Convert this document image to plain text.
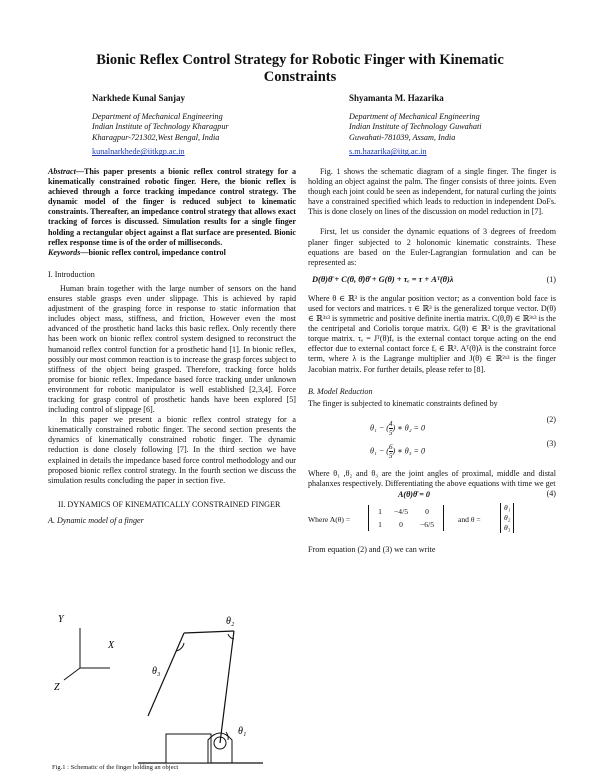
Bionic Reflex Control Strategy for Robotic Finger with Kinematic Constraints
Narkhede Kunal Sanjay
Department of Mechanical Engineering
Indian Institute of Technology Kharagpur
Kharagpur-721302,West Bengal, India
kunalnarkhede@iitkgp.ac.in
Shyamanta M. Hazarika
Department of Mechanical Engineering
Indian Institute of Technology Guwahati
Guwahati-781039, Assam, India
s.m.hazarika@iitg.ac.in

Abstract—This paper presents a bionic reflex control strategy for a kinematically constrained robotic finger. Here, the bionic reflex is achieved through a force tracking impedance control strategy. The dynamic model of the finger is reduced subject to kinematic constraints. Thereafter, an impedance control strategy that allows exact tracking of forces is discussed. Simulation results for a single finger holding a rectangular object against a flat surface are presented. Bionic reflex response time is of the order of milliseconds.

Keywords—bionic reflex control, impedance control

I. Introduction

Human brain together with the large number of sensors on the hand ensures stable grasps even under slippage. This is achieved by rapid adjustment of the grasping force in response to static information that includes object mass, stiffness, and friction, However even the most advanced of the prosthetic hand lacks this basic reflex. Only recently there has been work on bionic reflex control system designed to reconstruct the humanoid reflex control function for a prosthetic hand [1]. In bionic reflex, possibly our most common reaction is to increase the grasp forces subject to stiffness of the object being grasped. Therefore, tracking force holds promise for bionic reflex. Impedance based force tracking under unknown environment for robotic manipulator is well established [2,3,4]. Force tracking for grasp control of prosthetic hands have been explored [5] including control of slippage [6].

In this paper we present a bionic reflex control strategy for a kinematically constrained robotic finger. The second section presents the dynamics of kinematically constrained robotic finger. The dynamic reduction is done closely following [7]. In the third section we have explained in details the impedance based force control methodology and our proposed bionic reflex control strategy. In the fourth section we discuss the simulation results concluding the paper in section five.

II. DYNAMICS OF KINEMATICALLY CONSTRAINED FINGER

A. Dynamic model of a finger

Y
X
Z
θ₁
θ₂
θ₃

Fig. 1 shows the schematic diagram of a single finger. The finger is holding an object against the palm. The finger consists of three joints. Even though each joint could be seen as independent, for natural curling the joints have a constrained specified which leads to reduction in independent DoFs. This is done closely on lines of the discussion on model reduction in [7].

First, let us consider the dynamic equations of 3 degrees of freedom planer finger subjected to 2 holonomic kinematic constraints. These equations are based on the Euler-Lagrangian formulation and can be represented as:

D(θ)θ̈ + C(θ, θ̇)θ̇ + G(θ) + τₑ = τ + Aᵀ(θ)λ	(1)

Where θ ∈ ℝ³ is the angular position vector; as a convention bold face is used for vectors and matrices. τ ∈ ℝ³ is the generalized torque vector. D(θ) ∈ ℝ³ˣ³ is symmetric and positive definite inertia matrix. C(θ,θ̇) ∈ ℝ³ˣ³ is the the centripetal and Coriolis torque matrix. G(θ) ∈ ℝ³ is the gravitational torque matrix. τₑ = Jᵀ(θ)fₑ is the external contact torque acting on the end effector due to external contact force fₑ ∈ ℝ³. Aᵀ(θ)λ is the constraint force term, where λ is the Lagrange multiplier and J(θ) ∈ ℝ²ˣ³ is the finger Jacobian matrix. For further details, please refer to [8].

B. Model Reduction

The finger is subjected to kinematic constraints defined by

θ₁ − ( $\frac{4}{5}$ ) ∗ θ₂ = 0
(2)
θ₁ − ( $\frac{6}{5}$ ) ∗ θ₃ = 0
(3)

Where θ₁ ,θ₂ and θ₃ are the joint angles of proximal, middle and distal phalanxes respectively. Differentiating the above equations with time we get

A(θ)θ̇ = 0	(4)
Where A(θ) =
1 −4/5 0
1 0 −6/5
and θ =
θ₁
θ₂
θ₃

From equation (2) and (3) we can write

Fig.1 : Schematic of the finger holding an object
